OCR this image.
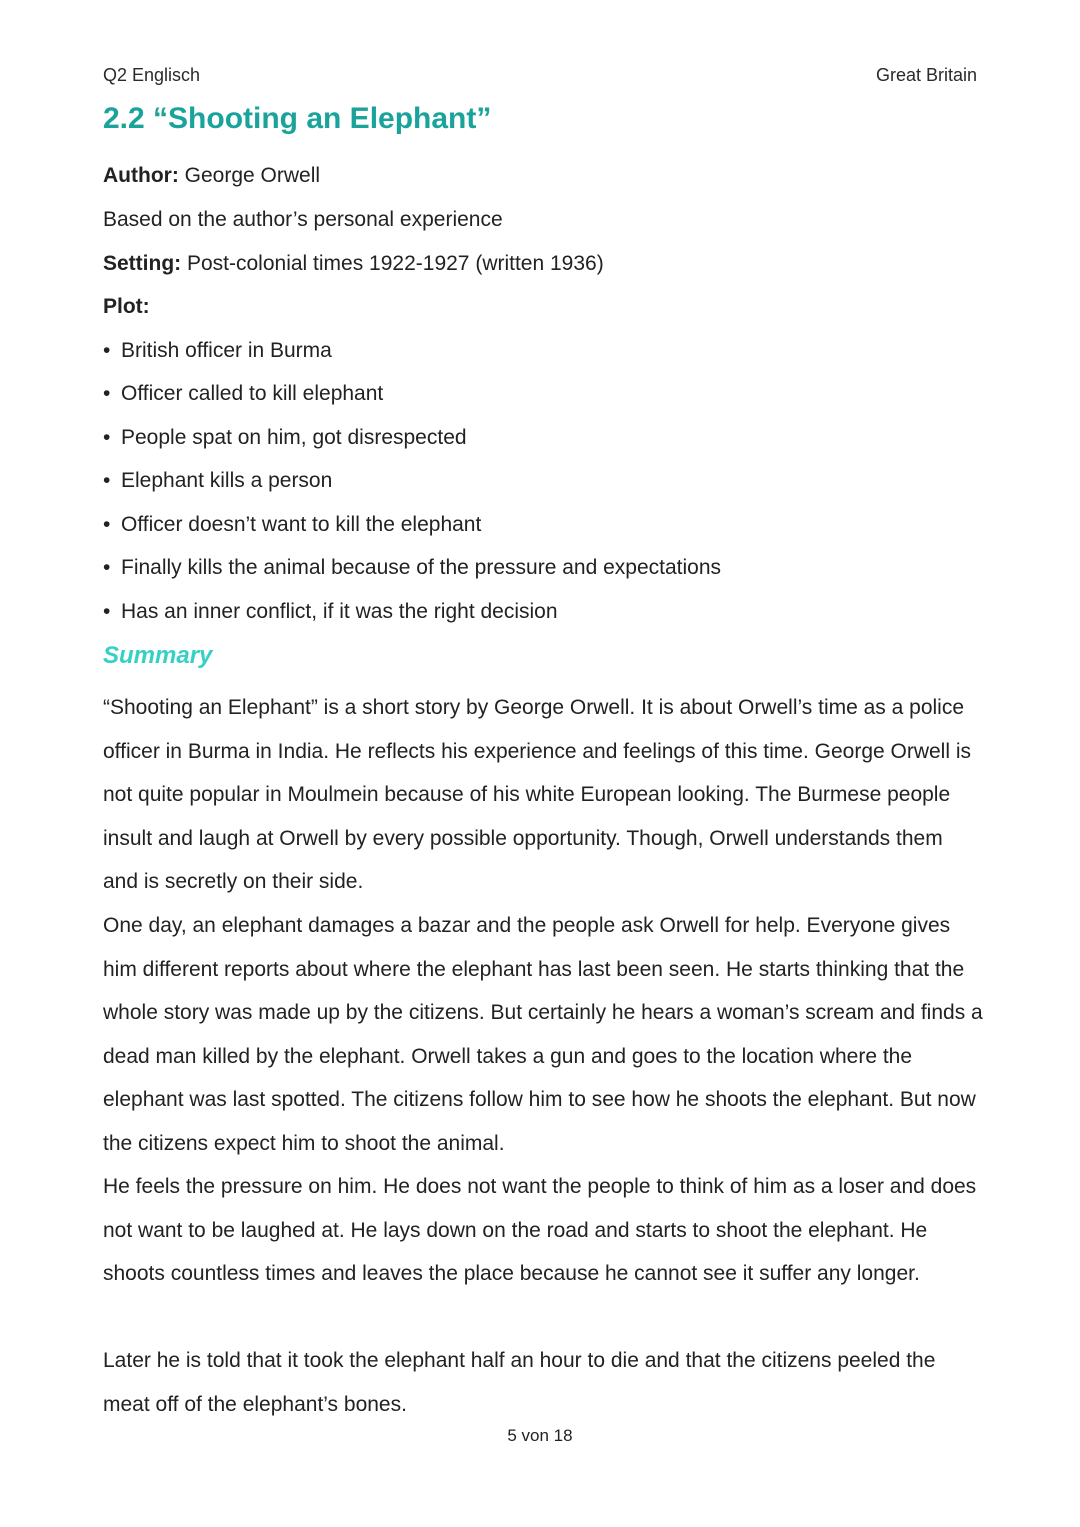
Q2 Englisch	Great Britain
2.2 “Shooting an Elephant”
Author: George Orwell
Based on the author’s personal experience
Setting: Post-colonial times 1922-1927 (written 1936)
Plot:
• British officer in Burma
• Officer called to kill elephant
• People spat on him, got disrespected
• Elephant kills a person
• Officer doesn’t want to kill the elephant
• Finally kills the animal because of the pressure and expectations
• Has an inner conflict, if it was the right decision
Summary

“Shooting an Elephant” is a short story by George Orwell. It is about Orwell’s time as a police officer in Burma in India. He reflects his experience and feelings of this time. George Orwell is not quite popular in Moulmein because of his white European looking. The Burmese people insult and laugh at Orwell by every possible opportunity. Though, Orwell understands them and is secretly on their side.

One day, an elephant damages a bazar and the people ask Orwell for help. Everyone gives him different reports about where the elephant has last been seen. He starts thinking that the whole story was made up by the citizens. But certainly he hears a woman’s scream and finds a dead man killed by the elephant. Orwell takes a gun and goes to the location where the elephant was last spotted. The citizens follow him to see how he shoots the elephant. But now the citizens expect him to shoot the animal.

He feels the pressure on him. He does not want the people to think of him as a loser and does not want to be laughed at. He lays down on the road and starts to shoot the elephant. He shoots countless times and leaves the place because he cannot see it suffer any longer.

Later he is told that it took the elephant half an hour to die and that the citizens peeled the meat off of the elephant’s bones.

5 von 18
